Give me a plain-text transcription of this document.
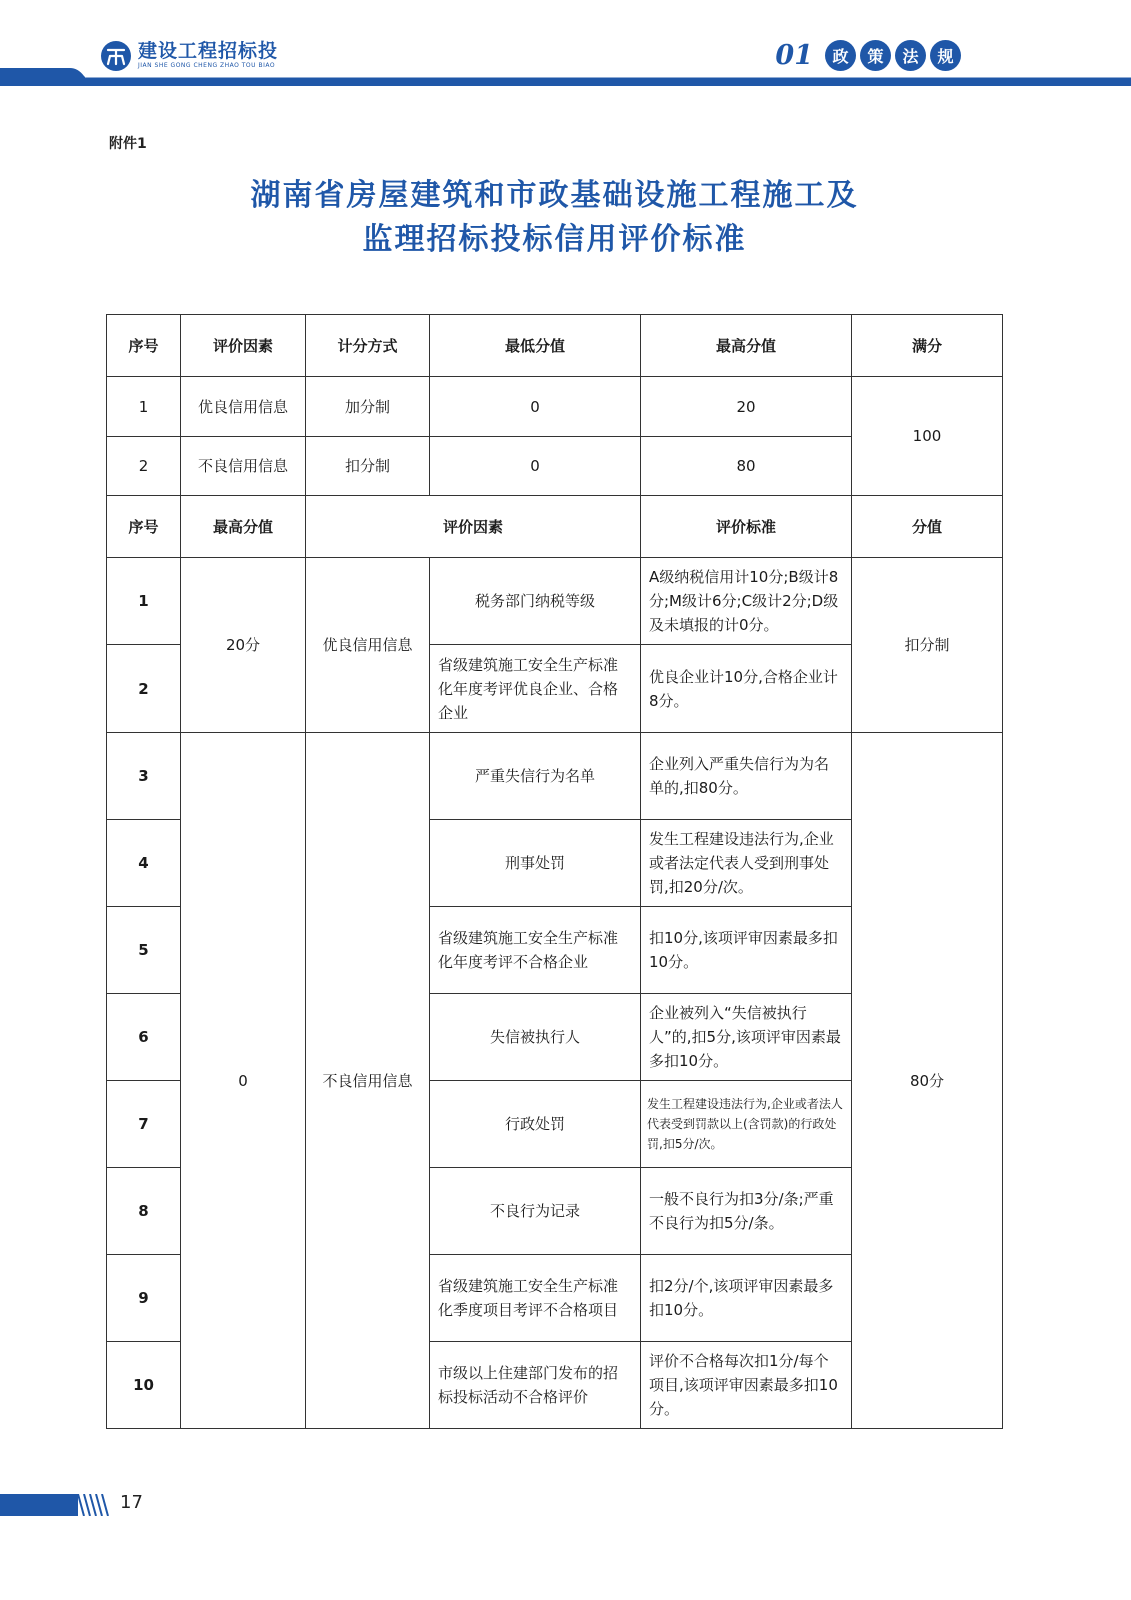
建设工程招标投
JIAN SHE GONG CHENG ZHAO TOU BIAO	01	政	策	法	规
附件1
湖南省房屋建筑和市政基础设施工程施工及
监理招标投标信用评价标准
序号	评价因素	计分方式	最低分值	最高分值	满分
1	优良信用信息	加分制	0	20	100
2	不良信用信息	扣分制	0	80	
序号	最高分值	评价因素		评价标准	分值
1	20分	优良信用信息	税务部门纳税等级	A级纳税信用计10分;B级计8分;M级计6分;C级计2分;D级及未填报的计0分。	扣分制
2			省级建筑施工安全生产标准化年度考评优良企业、合格企业	优良企业计10分,合格企业计8分。	
3	0	不良信用信息	严重失信行为名单	企业列入严重失信行为为名单的,扣80分。	80分
4			刑事处罚	发生工程建设违法行为,企业或者法定代表人受到刑事处罚,扣20分/次。	
5			省级建筑施工安全生产标准化年度考评不合格企业	扣10分,该项评审因素最多扣10分。	
6			失信被执行人	企业被列入“失信被执行人”的,扣5分,该项评审因素最多扣10分。	
7			行政处罚	发生工程建设违法行为,企业或者法人代表受到罚款以上(含罚款)的行政处罚,扣5分/次。	
8			不良行为记录	一般不良行为扣3分/条;严重不良行为扣5分/条。	
9			省级建筑施工安全生产标准化季度项目考评不合格项目	扣2分/个,该项评审因素最多扣10分。	
10			市级以上住建部门发布的招标投标活动不合格评价	评价不合格每次扣1分/每个项目,该项评审因素最多扣10分。	
17
